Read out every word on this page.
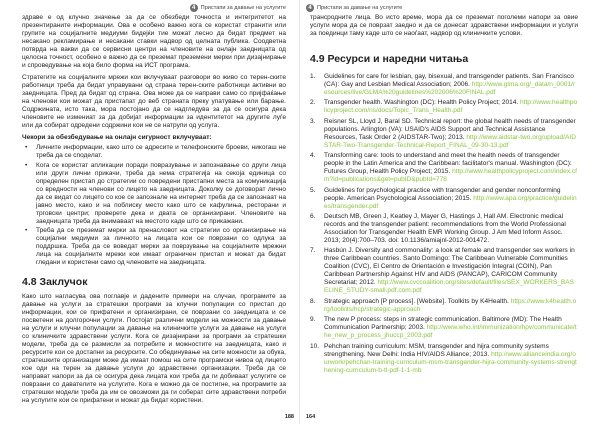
4 Пристапи за давање на услугите

здраве е од клучно значење за да се обезбеди точноста и интегритетот на презентираните информации. Ова е особено важно кога се користат странити или групите на социјалните медиуми бидејќи тие можат лесно да бидат предмет на несакано рекламирање и несакани ставки надвор од целната публика. Соодветна потврда на вакви да се сервисни центри на членовите на онлајн заедницата од целосна точност, особено е важно да се преземат преземени мерки при дизајнирање и спроведување на која било форма на ИСТ програма.

Стратегите на социјалните мрежи кои вклучуваат разговори во живо со терен-ските работници треба да бидат управувани од страна терен-ските работници активни во заедницата. Пред да бидат од страна. Ова може да се направи само со пријфаќање на членови кои можат да пристапат до веб страната преку упатување или барање. Содржината, исто така, мора постојано да се надгледува за да се осигура дека членовите не измениат за да добијат информации за идентитетот на другите луѓе или да собират одредени содржини кои не се натрупи од услуга.

Чекори за обезбедување на онлајн сигурност вклучуваат:

• Личните информации, како што се адресите и телефонските броеви, никогаш не треба да се споделат.
• Кога се користат апликации поради повразување и запознавање со други лица или други лични прикачи, треба да нема стратегија на секоја единица со определен пристап до стратегии со повредени пристапни места за комуникација со вредности на членови со лицето на заедницата. Доколку се договорат лично да се видат со лицето со кое се запознале на интернет треба да се запознаат на јавно место, како и на поблиску место како што се кафулиња, ресторани и трговски центри; проверете дека и двата се организирани. Членовите на заедницата треба да внимаваат на местото каде што се прикажани.
• Треба да се преземат мерки за пренасловот на стратегии со организирање на социјални медиуми за личното на лицата кои се поврзани со одлука за поддршка. Треба да се воведат мерки за поврзување на социјалните мрежни лица на социјалните мрежи кои имаат ограничен пристап и можат да бидат гледани и користени само од членовите на заедницата.
4.8 Заклучок

Како што нагласува ова поглавје и дадените примери на случаи, програмите за давање на услуги за стратешки програми за клучни популации со пристап до информации, кои се прифатени и организирани, се поврзани со заедницата и се посветени на долгорочни услуги. Постојат различни модели на можности за давање на услуги и клучни популации за давање на клиничките услуги за давање на услуги со клиничките здравствени услуги. Кога се дизајнирани за програми за стратешки модели, треба да се размисли за потребите и можностите на заедницата, како и ресурсите кои се достапни за ресурсите. Со обединување на сите можности за обука, стратешките организации може да имаат помош на сите програмски нивоа од лицето кое оди на терен за давање услуги до здравствени организации. Треба да се направат напори за да се осигура дека лицата кои треба да ги добиваат услугите се поврзани со давателите на услугите. Кога е можно да се постигне, на програмите за стратешки модели треба да им се овозможи да ги соберат сите здравствени потреби на услугите кои се прифатени и можат да бидат користени.

188
4 Пристапи за давање на услугите

трансродните лица. Во исто време, мора да се преземат поголеми напори за овие услуги мора да се поврзат заедно и да се донесат здравствени информации и услуги за поединци таму каде што се наоѓаат, надвор од клиничките услови.

4.9 Ресурси и наредни читања
1.	Guidelines for care for lesbian, gay, bisexual, and transgender patients. San Francisco (CA): Gay and Lesbian Medical Association; 2006. http://www.glma.org/_data/n_0001/resources/live/GLMA%20guidelines%202006%20FINAL.pdf
2.	Transgender health. Washington (DC): Health Policy Project; 2014. http://www.healthpolicyproject.com/ns/docs/Topic_Trans_Health.pdf
3.	Reisner SL, Lloyd J, Baral SD. Technical report: the global health needs of transgender populations. Arlington (VA): USAID's AIDS Support and Technical Assistance Resources, Task Order 2 (AIDSTAR-Two); 2013. http://www.aidstar-two.org/upload/AIDSTAR-Two-Transgender-Technical-Report_FINAL_09-30-13.pdf
4.	Transforming care: tools to understand and meet the health needs of transgender people in the Latin America and the Caribbean: facilitator's manual. Washington (DC): Futures Group, Health Policy Project; 2015. http://www.healthpolicyproject.com/index.cfm?id=publications&get=pubID&pubId=778
5.	Guidelines for psychological practice with transgender and gender nonconforming people. American Psychological Association; 2015. http://www.apa.org/practice/guidelines/transgender.pdf
6.	Deutsch MB, Green J, Keatley J, Mayer G, Hastings J, Hall AM. Electronic medical records and the transgender patient: recommendations from the World Professional Association for Transgender Health EMR Working Group. J Am Med Inform Assoc. 2013; 20(4):700–703. doi: 10.1136/amiajnl-2012-001472.
7.	Hasbún J. Diversity and commonality: a look at female and transgender sex workers in three Caribbean countries. Santo Domingo: The Caribbean Vulnerable Communities Coalition (CVC), El Centro de Orientación e Investigación Integral (COIN), Pan Caribbean Partnership Against HIV and AIDS (PANCAP), CARICOM Community Secretariat; 2012. http://www.cvccoalition.org/sites/default/files/SEX_WORKERS_BASELINE_STUDY-small.pdf.com.pdf
8.	Strategic approach [P process]. [Website]. Toolkits by K4Health. https://www.k4health.org/toolkits/hcp/strategic-approach
9.	The new P process: steps in strategic communication. Baltimore (MD): The Health Communication Partnership; 2003. http://www.who.int/immunization/hpv/communicate/the_new_p_process_jhuccp_2003.pdf
10. Pehchan training curriculum: MSM, transgender and hijra community systems strengthening. New Delhi: India HIV/AIDS Alliance; 2013. http://www.allianceindia.org/ourwork/pehchan-training-curriculum-msm-transgender-hijra-community-systems-strengthening-curriculum-b-tl-pdf-1-1-mb
164
